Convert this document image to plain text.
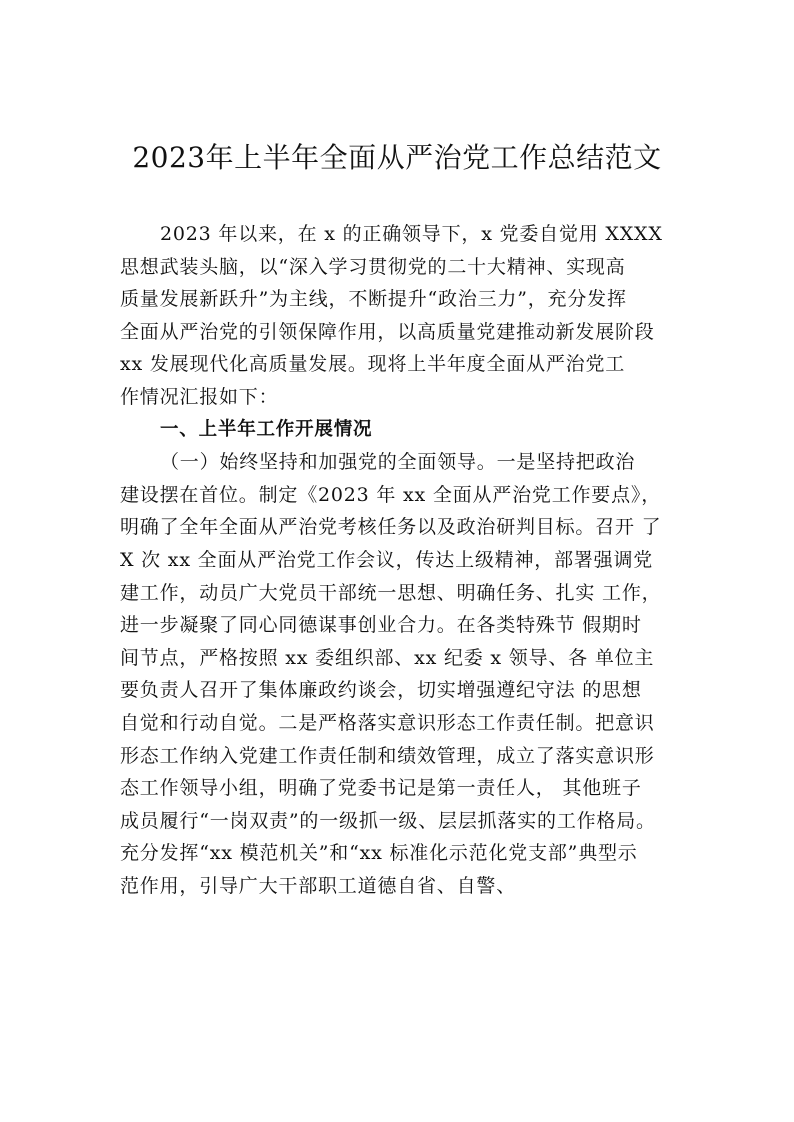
2023年上半年全面从严治党工作总结范文
2023 年以来，在 x 的正确领导下，x 党委自觉用 XXXX
思想武装头脑，以“深入学习贯彻党的二十大精神、实现高
质量发展新跃升”为主线，不断提升“政治三力”，充分发挥
全面从严治党的引领保障作用，以高质量党建推动新发展阶段
xx 发展现代化高质量发展。现将上半年度全面从严治党工
作情况汇报如下：
一、上半年工作开展情况
（一）始终坚持和加强党的全面领导。一是坚持把政治
建设摆在首位。制定《2023 年 xx 全面从严治党工作要点》，
明确了全年全面从严治党考核任务以及政治研判目标。召开 了
X 次 xx 全面从严治党工作会议，传达上级精神，部署强调党
建工作，动员广大党员干部统一思想、明确任务、扎实 工作，
进一步凝聚了同心同德谋事创业合力。在各类特殊节 假期时
间节点，严格按照 xx 委组织部、xx 纪委 x 领导、各 单位主
要负责人召开了集体廉政约谈会，切实增强遵纪守法 的思想
自觉和行动自觉。二是严格落实意识形态工作责任制。把意识
形态工作纳入党建工作责任制和绩效管理，成立了落实意识形
态工作领导小组，明确了党委书记是第一责任人， 其他班子
成员履行“一岗双责”的一级抓一级、层层抓落实的工作格局。
充分发挥“xx 模范机关”和“xx 标准化示范化党支部”典型示
范作用，引导广大干部职工道德自省、自警、
